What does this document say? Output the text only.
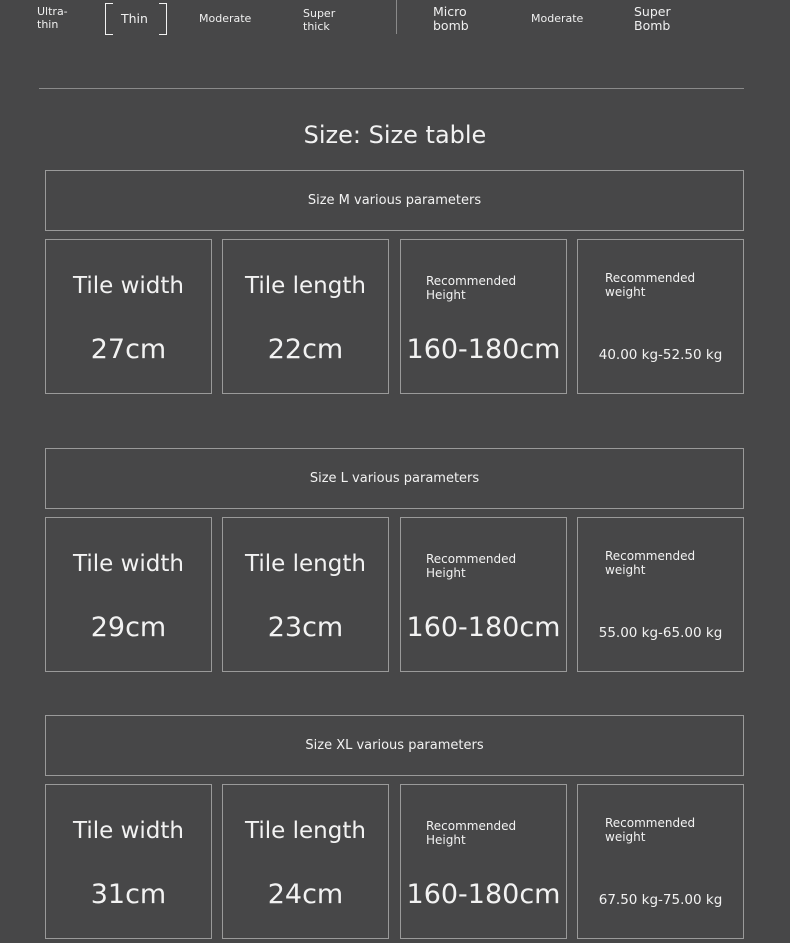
Ultra-
thin	Thin	Moderate	Super
thick
Micro
bomb	Moderate	Super
Bomb
Size: Size table
Size M various parameters
Tile width
27cm
Tile length
22cm
Recommended
Height
160-180cm
Recommended
weight
40.00 kg-52.50 kg
Size L various parameters
Tile width
29cm
Tile length
23cm
Recommended
Height
160-180cm
Recommended
weight
55.00 kg-65.00 kg
Size XL various parameters
Tile width
31cm
Tile length
24cm
Recommended
Height
160-180cm
Recommended
weight
67.50 kg-75.00 kg
